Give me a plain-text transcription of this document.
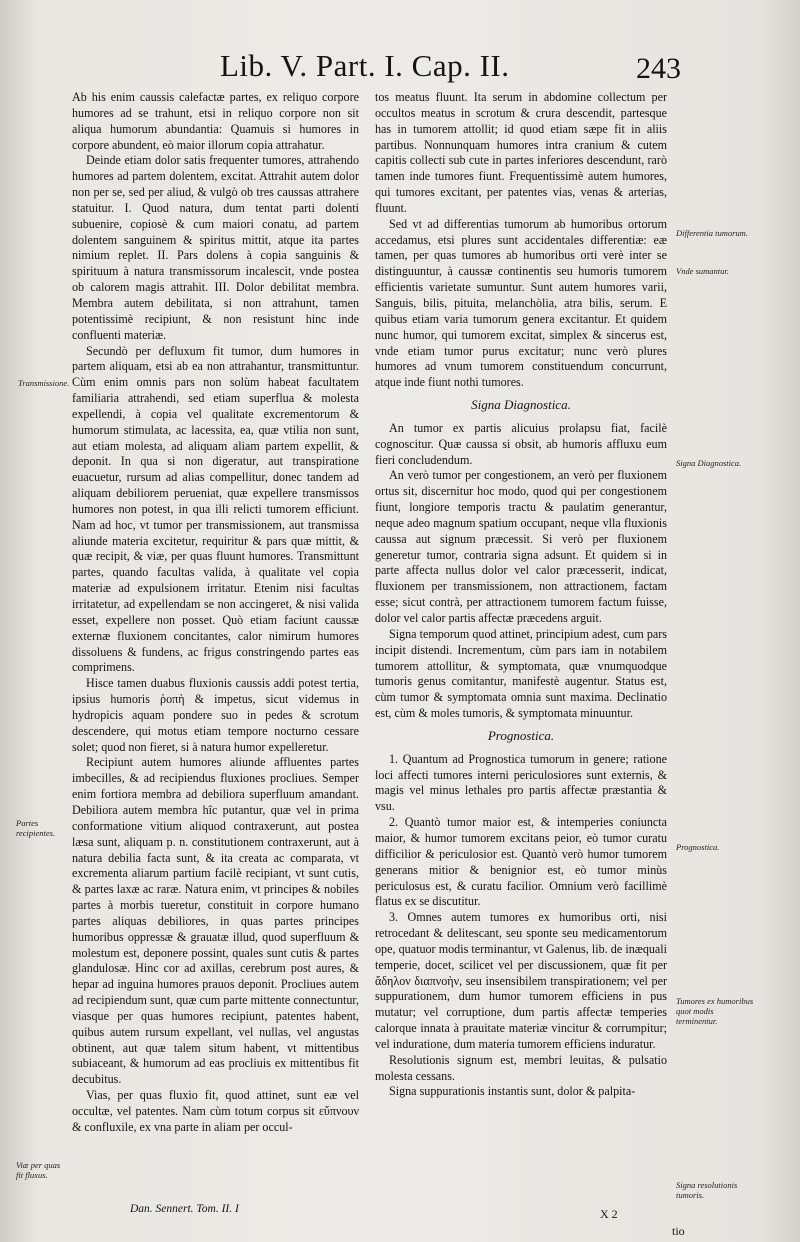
Lib. V. Part. I. Cap. II.	243

Ab his enim caussis calefactæ partes, ex reliquo corpore humores ad se trahunt, etsi in reliquo corpore non sit aliqua humorum abundantia: Quamuis si humores in corpore abundent, eò maior illorum copia attrahatur.

Deinde etiam dolor satis frequenter tumores, attrahendo humores ad partem dolentem, excitat. Attrahit autem dolor non per se, sed per aliud, & vulgò ob tres caussas attrahere statuitur. I. Quod natura, dum tentat parti dolenti subuenire, copiosè & cum maiori conatu, ad partem dolentem sanguinem & spiritus mittit, atque ita partes nimium replet. II. Pars dolens à copia sanguinis & spirituum à natura transmissorum incalescit, vnde postea ob calorem magis attrahit. III. Dolor debilitat membra. Membra autem debilitata, si non attrahunt, tamen potentissimè recipiunt, & non resistunt hinc inde confluenti materiæ.

Secundò per defluxum fit tumor, dum humores in partem aliquam, etsi ab ea non attrahantur, transmittuntur. Cùm enim omnis pars non solùm habeat facultatem familiaria attrahendi, sed etiam superflua & molesta expellendi, à copia vel qualitate excrementorum & humorum stimulata, ac lacessita, ea, quæ vtilia non sunt, aut etiam molesta, ad aliquam aliam partem expellit, & deponit. In qua si non digeratur, aut transpiratione euacuetur, rursum ad alias compellitur, donec tandem ad aliquam debiliorem perueniat, quæ expellere transmissos humores non potest, in qua illi relicti tumorem efficiunt. Nam ad hoc, vt tumor per transmissionem, aut transmissa aliunde materia excitetur, requiritur & pars quæ mittit, & quæ recipit, & viæ, per quas fluunt humores. Transmittunt partes, quando facultas valida, à qualitate vel copia materiæ ad expulsionem irritatur. Etenim nisi facultas irritatetur, ad expellendam se non accingeret, & nisi valida esset, expellere non posset. Quò etiam faciunt caussæ externæ fluxionem concitantes, calor nimirum humores dissoluens & fundens, ac frigus constringendo partes eas comprimens.

Hisce tamen duabus fluxionis caussis addi potest tertia, ipsius humoris ῥοπὴ & impetus, sicut videmus in hydropicis aquam pondere suo in pedes & scrotum descendere, qui motus etiam tempore nocturno cessare solet; quod non fieret, si à natura humor expelleretur.

Recipiunt autem humores aliunde affluentes partes imbecilles, & ad recipiendus fluxiones procliues. Semper enim fortiora membra ad debiliora superfluum amandant. Debiliora autem membra hîc putantur, quæ vel in prima conformatione vitium aliquod contraxerunt, aut postea læsa sunt, aliquam p. n. constitutionem contraxerunt, aut à natura debilia facta sunt, & ita creata ac comparata, vt excrementa aliarum partium facilè recipiant, vt sunt cutis, & partes laxæ ac raræ. Natura enim, vt principes & nobiles partes à morbis tueretur, constituit in corpore humano partes aliquas debiliores, in quas partes principes humoribus oppressæ & grauatæ illud, quod superfluum & molestum est, deponere possint, quales sunt cutis & partes glandulosæ. Hinc cor ad axillas, cerebrum post aures, & hepar ad inguina humores prauos deponit. Procliues autem ad recipiendum sunt, quæ cum parte mittente connectuntur, viasque per quas humores recipiunt, patentes habent, quibus autem rursum expellant, vel nullas, vel angustas obtinent, aut quæ talem situm habent, vt mittentibus subiaceant, & humorum ad eas procliuis ex mittentibus fit decubitus.

Vias, per quas fluxio fit, quod attinet, sunt eæ vel occultæ, vel patentes. Nam cùm totum corpus sit εὔπνουν & confluxile, ex vna parte in aliam per occul-

tos meatus fluunt. Ita serum in abdomine collectum per occultos meatus in scrotum & crura descendit, partesque has in tumorem attollit; id quod etiam sæpe fit in aliis partibus. Nonnunquam humores intra cranium & cutem capitis collecti sub cute in partes inferiores descendunt, rarò tamen inde tumores fiunt. Frequentissimè autem humores, qui tumores excitant, per patentes vias, venas & arterias, fluunt.

Sed vt ad differentias tumorum ab humoribus ortorum accedamus, etsi plures sunt accidentales differentiæ: eæ tamen, per quas tumores ab humoribus orti verè inter se distinguuntur, à caussæ continentis seu humoris tumorem efficientis varietate sumuntur. Sunt autem humores varii, Sanguis, bilis, pituita, melanchòlia, atra bilis, serum. E quibus etiam varia tumorum genera excitantur. Et quidem nunc humor, qui tumorem excitat, simplex & sincerus est, vnde etiam tumor purus excitatur; nunc verò plures humores ad vnum tumorem constituendum concurrunt, atque inde fiunt nothi tumores.

Signa Diagnostica.

An tumor ex partis alicuius prolapsu fiat, facilè cognoscitur. Quæ caussa si obsit, ab humoris affluxu eum fieri concludendum.

An verò tumor per congestionem, an verò per fluxionem ortus sit, discernitur hoc modo, quod qui per congestionem fiunt, longiore temporis tractu & paulatim generantur, neque adeo magnum spatium occupant, neque vlla fluxionis caussa aut signum præcessit. Si verò per fluxionem generetur tumor, contraria signa adsunt. Et quidem si in parte affecta nullus dolor vel calor præcesserit, indicat, fluxionem per transmissionem, non attractionem, factam esse; sicut contrà, per attractionem tumorem factum fuisse, dolor vel calor partis affectæ præcedens arguit.

Signa temporum quod attinet, principium adest, cum pars incipit distendi. Incrementum, cùm pars iam in notabilem tumorem attollitur, & symptomata, quæ vnumquodque tumoris genus comitantur, manifestè augentur. Status est, cùm tumor & symptomata omnia sunt maxima. Declinatio est, cùm & moles tumoris, & symptomata minuuntur.

Prognostica.

1. Quantum ad Prognostica tumorum in genere; ratione loci affecti tumores interni periculosiores sunt externis, & magis vel minus lethales pro partis affectæ præstantia & vsu.

2. Quantò tumor maior est, & intemperies coniuncta maior, & humor tumorem excitans peior, eò tumor curatu difficilior & periculosior est. Quantò verò humor tumorem generans mitior & benignior est, eò tumor minùs periculosus est, & curatu facilior. Omnium verò facillimè flatus ex se discutitur.

3. Omnes autem tumores ex humoribus orti, nisi retrocedant & delitescant, seu sponte seu medicamentorum ope, quatuor modis terminantur, vt Galenus, lib. de inæquali temperie, docet, scilicet vel per discussionem, quæ fit per ἄδηλον διαπνοὴν, seu insensibilem transpirationem; vel per suppurationem, dum humor tumorem efficiens in pus mutatur; vel corruptione, dum partis affectæ temperies calorque innata à prauitate materiæ vincitur & corrumpitur; vel induratione, dum materia tumorem efficiens induratur.

Resolutionis signum est, membri leuitas, & pulsatio molesta cessans.

Signa suppurationis instantis sunt, dolor & palpita-

Transmissione.
Partes recipientes.
Viæ per quas fit fluxus.
Differentia tumorum.
Vnde sumantur.
Signa Diagnostica.
Prognostica.
Tumores ex humoribus quot modis terminentur.
Signa resolutionis tumoris.
Dan. Sennert. Tom. II. I	X 2
tio
